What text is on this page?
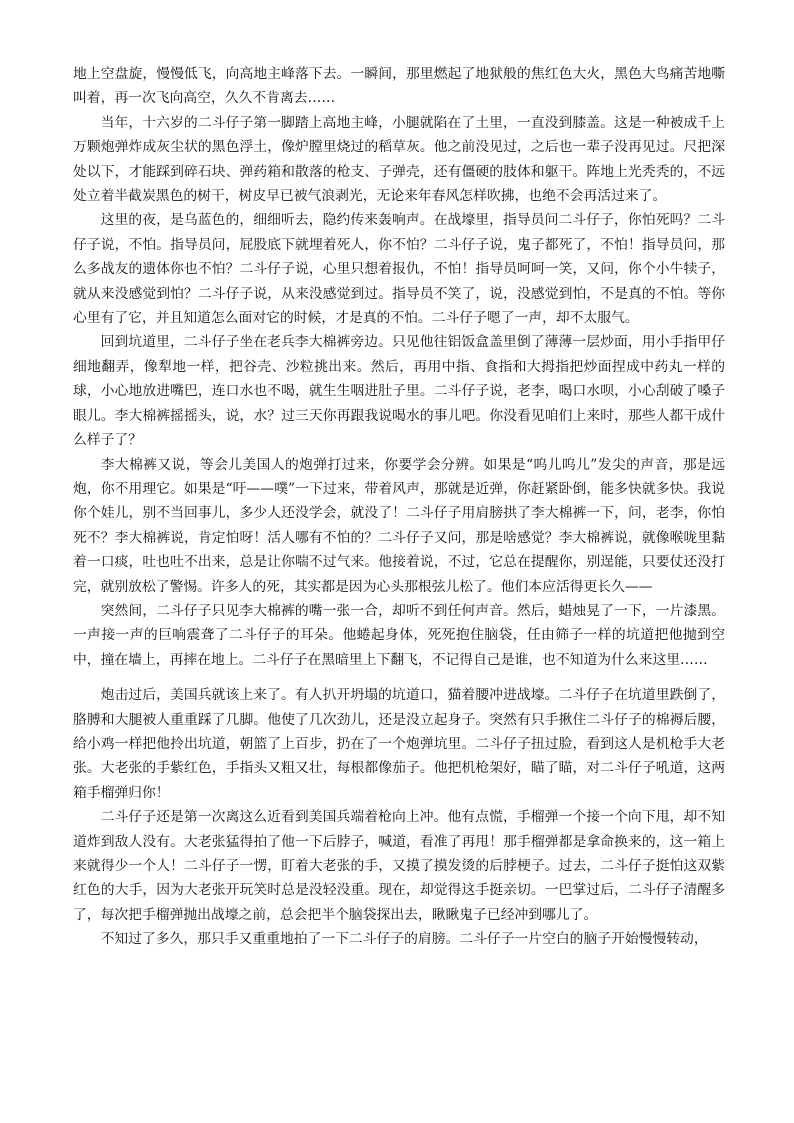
地上空盘旋，慢慢低飞，向高地主峰落下去。一瞬间，那里燃起了地狱般的焦红色大火，黑色大鸟痛苦地嘶叫着，再一次飞向高空，久久不肯离去……

当年，十六岁的二斗仔子第一脚踏上高地主峰，小腿就陷在了土里，一直没到膝盖。这是一种被成千上万颗炮弹炸成灰尘状的黑色浮土，像炉膛里烧过的稻草灰。他之前没见过，之后也一辈子没再见过。尺把深处以下，才能踩到碎石块、弹药箱和散落的枪支、子弹壳，还有僵硬的肢体和躯干。阵地上光秃秃的，不远处立着半截炭黑色的树干，树皮早已被气浪剥光，无论来年春风怎样吹拂，也绝不会再活过来了。

这里的夜，是乌蓝色的，细细听去，隐约传来轰响声。在战壕里，指导员问二斗仔子，你怕死吗？二斗仔子说，不怕。指导员问，屁股底下就埋着死人，你不怕？二斗仔子说，鬼子都死了，不怕！指导员问，那么多战友的遗体你也不怕？二斗仔子说，心里只想着报仇，不怕！指导员呵呵一笑，又问，你个小牛犊子，就从来没感觉到怕？二斗仔子说，从来没感觉到过。指导员不笑了，说，没感觉到怕，不是真的不怕。等你心里有了它，并且知道怎么面对它的时候，才是真的不怕。二斗仔子嗯了一声，却不太服气。

回到坑道里，二斗仔子坐在老兵李大棉裤旁边。只见他往铝饭盒盖里倒了薄薄一层炒面，用小手指甲仔细地翻弄，像犁地一样，把谷壳、沙粒挑出来。然后，再用中指、食指和大拇指把炒面捏成中药丸一样的球，小心地放进嘴巴，连口水也不喝，就生生咽进肚子里。二斗仔子说，老李，喝口水呗，小心刮破了嗓子眼儿。李大棉裤摇摇头，说，水？过三天你再跟我说喝水的事儿吧。你没看见咱们上来时，那些人都干成什么样子了？

李大棉裤又说，等会儿美国人的炮弹打过来，你要学会分辨。如果是“呜儿呜儿”发尖的声音，那是远炮，你不用理它。如果是“吁——噗”一下过来，带着风声，那就是近弹，你赶紧卧倒，能多快就多快。我说你个娃儿，别不当回事儿，多少人还没学会，就没了！二斗仔子用肩膀拱了李大棉裤一下，问，老李，你怕死不？李大棉裤说，肯定怕呀！活人哪有不怕的？二斗仔子又问，那是啥感觉？李大棉裤说，就像喉咙里黏着一口痰，吐也吐不出来，总是让你喘不过气来。他接着说，不过，它总在提醒你，别逞能，只要仗还没打完，就别放松了警惕。许多人的死，其实都是因为心头那根弦儿松了。他们本应活得更长久——

突然间，二斗仔子只见李大棉裤的嘴一张一合，却听不到任何声音。然后，蜡烛晃了一下，一片漆黑。一声接一声的巨响震聋了二斗仔子的耳朵。他蜷起身体，死死抱住脑袋，任由筛子一样的坑道把他抛到空中，撞在墙上，再摔在地上。二斗仔子在黑暗里上下翻飞，不记得自己是谁，也不知道为什么来这里……

炮击过后，美国兵就该上来了。有人扒开坍塌的坑道口，猫着腰冲进战壕。二斗仔子在坑道里跌倒了，胳膊和大腿被人重重踩了几脚。他使了几次劲儿，还是没立起身子。突然有只手揪住二斗仔子的棉褥后腰，给小鸡一样把他拎出坑道，朝篮了上百步，扔在了一个炮弹坑里。二斗仔子扭过脸，看到这人是机枪手大老张。大老张的手紫红色，手指头又粗又壮，每根都像茄子。他把机枪架好，瞄了瞄，对二斗仔子吼道，这两箱手榴弹归你！

二斗仔子还是第一次离这么近看到美国兵端着枪向上冲。他有点慌，手榴弹一个接一个向下甩，却不知道炸到敌人没有。大老张猛得拍了他一下后脖子，喊道，看准了再甩！那手榴弹都是拿命换来的，这一箱上来就得少一个人！二斗仔子一愣，盯着大老张的手，又摸了摸发烫的后脖梗子。过去，二斗仔子挺怕这双紫红色的大手，因为大老张开玩笑时总是没轻没重。现在，却觉得这手挺亲切。一巴掌过后，二斗仔子清醒多了，每次把手榴弹抛出战壕之前，总会把半个脑袋探出去，瞅瞅鬼子已经冲到哪儿了。

不知过了多久，那只手又重重地拍了一下二斗仔子的肩膀。二斗仔子一片空白的脑子开始慢慢转动，
